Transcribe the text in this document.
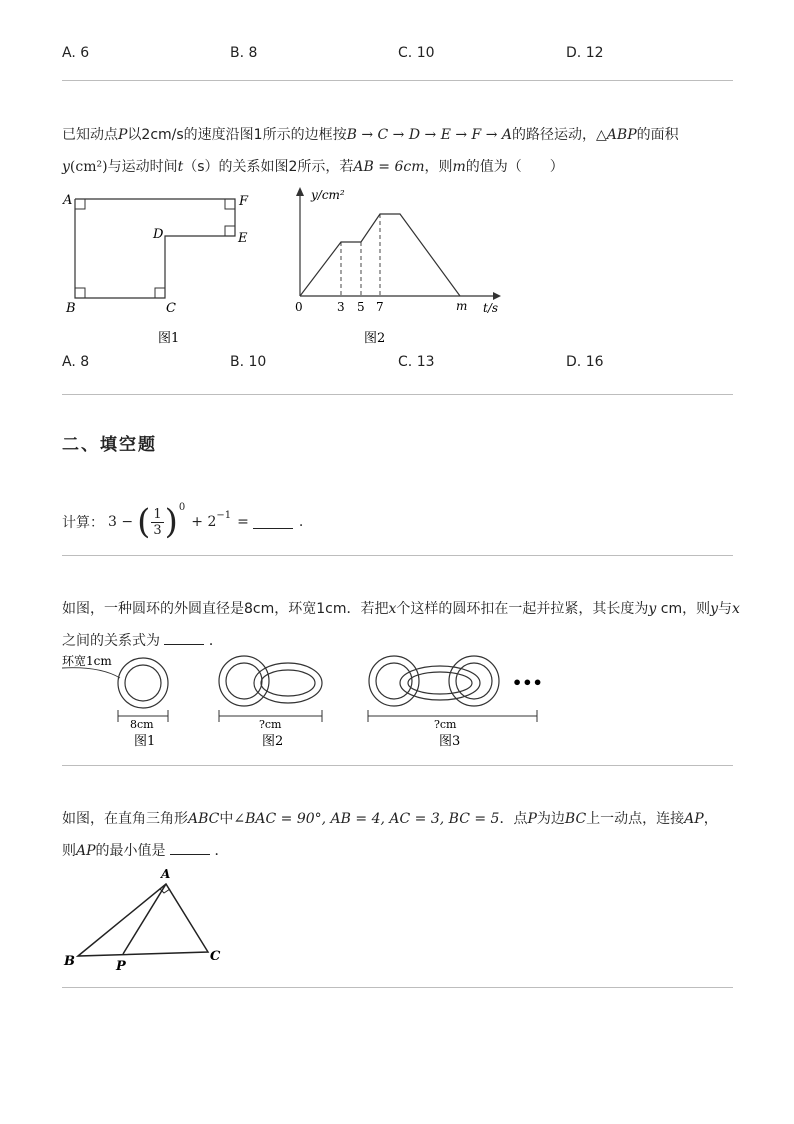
A. 6	B. 8	C. 10	D. 12
已知动点P以2cm/s的速度沿图1所示的边框按B → C → D → E → F → A的路径运动，△ABP的面积
y(cm²)与运动时间t（s）的关系如图2所示，若AB = 6cm，则m的值为（　　）
A	F
E
D
B	C
图1
y/cm²
t/s
0	3 5 7	m
图2
A. 8	B. 10	C. 13	D. 16
二、填空题
计算： 3 − ( 1
3 ) 0
+ 2 −1 =	.
如图，一种圆环的外圆直径是8cm，环宽1cm．若把x个这样的圆环扣在一起并拉紧，其长度为y cm，则y与x
之间的关系式为	．
环宽1cm
8cm
图1
?cm
图2
•••
?cm
图3
如图，在直角三角形ABC中∠BAC = 90°, AB = 4, AC = 3, BC = 5．点P为边BC上一动点，连接AP，
则AP的最小值是	．
A
B	C
P
